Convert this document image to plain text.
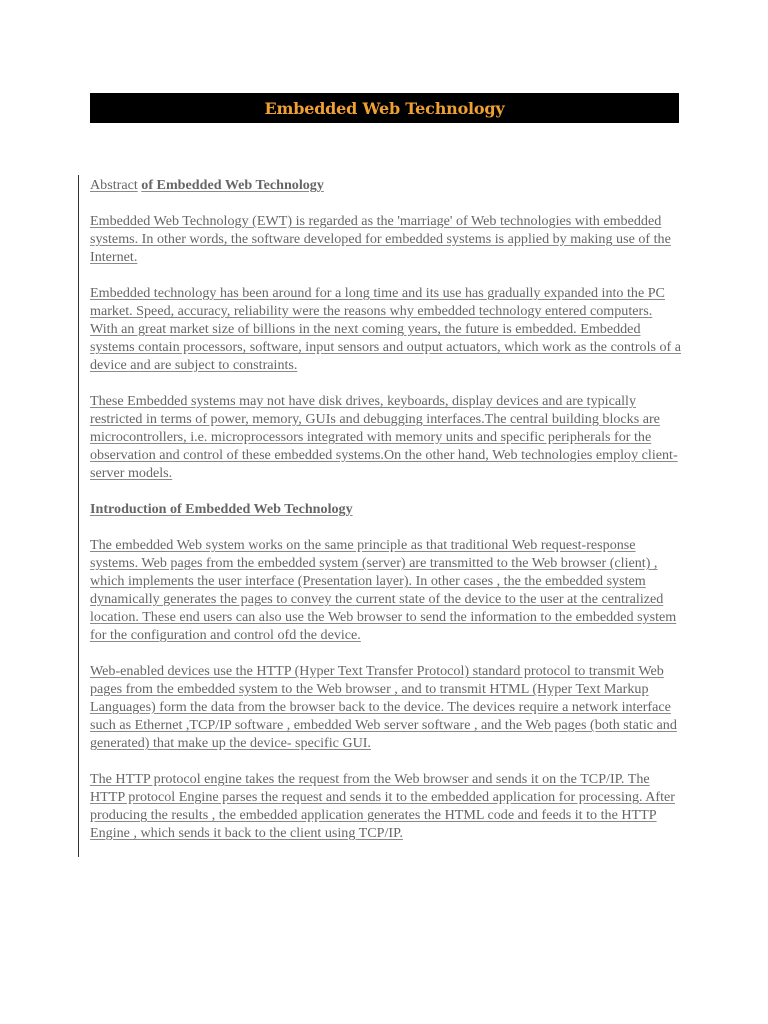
Embedded Web Technology

Abstract of Embedded Web Technology

Embedded Web Technology (EWT) is regarded as the 'marriage' of Web technologies with embedded systems. In other words, the software developed for embedded systems is applied by making use of the Internet.

Embedded technology has been around for a long time and its use has gradually expanded into the PC market. Speed, accuracy, reliability were the reasons why embedded technology entered computers. With an great market size of billions in the next coming years, the future is embedded. Embedded systems contain processors, software, input sensors and output actuators, which work as the controls of a device and are subject to constraints.

These Embedded systems may not have disk drives, keyboards, display devices and are typically restricted in terms of power, memory, GUIs and debugging interfaces.The central building blocks are microcontrollers, i.e. microprocessors integrated with memory units and specific peripherals for the observation and control of these embedded systems.On the other hand, Web technologies employ client-server models.

Introduction of Embedded Web Technology

The embedded Web system works on the same principle as that traditional Web request-response systems. Web pages from the embedded system (server) are transmitted to the Web browser (client) , which implements the user interface (Presentation layer). In other cases , the the embedded system dynamically generates the pages to convey the current state of the device to the user at the centralized location. These end users can also use the Web browser to send the information to the embedded system for the configuration and control ofd the device.

Web-enabled devices use the HTTP (Hyper Text Transfer Protocol) standard protocol to transmit Web pages from the embedded system to the Web browser , and to transmit HTML (Hyper Text Markup Languages) form the data from the browser back to the device. The devices require a network interface such as Ethernet ,TCP/IP software , embedded Web server software , and the Web pages (both static and generated) that make up the device- specific GUI.

The HTTP protocol engine takes the request from the Web browser and sends it on the TCP/IP. The HTTP protocol Engine parses the request and sends it to the embedded application for processing. After producing the results , the embedded application generates the HTML code and feeds it to the HTTP Engine , which sends it back to the client using TCP/IP.
